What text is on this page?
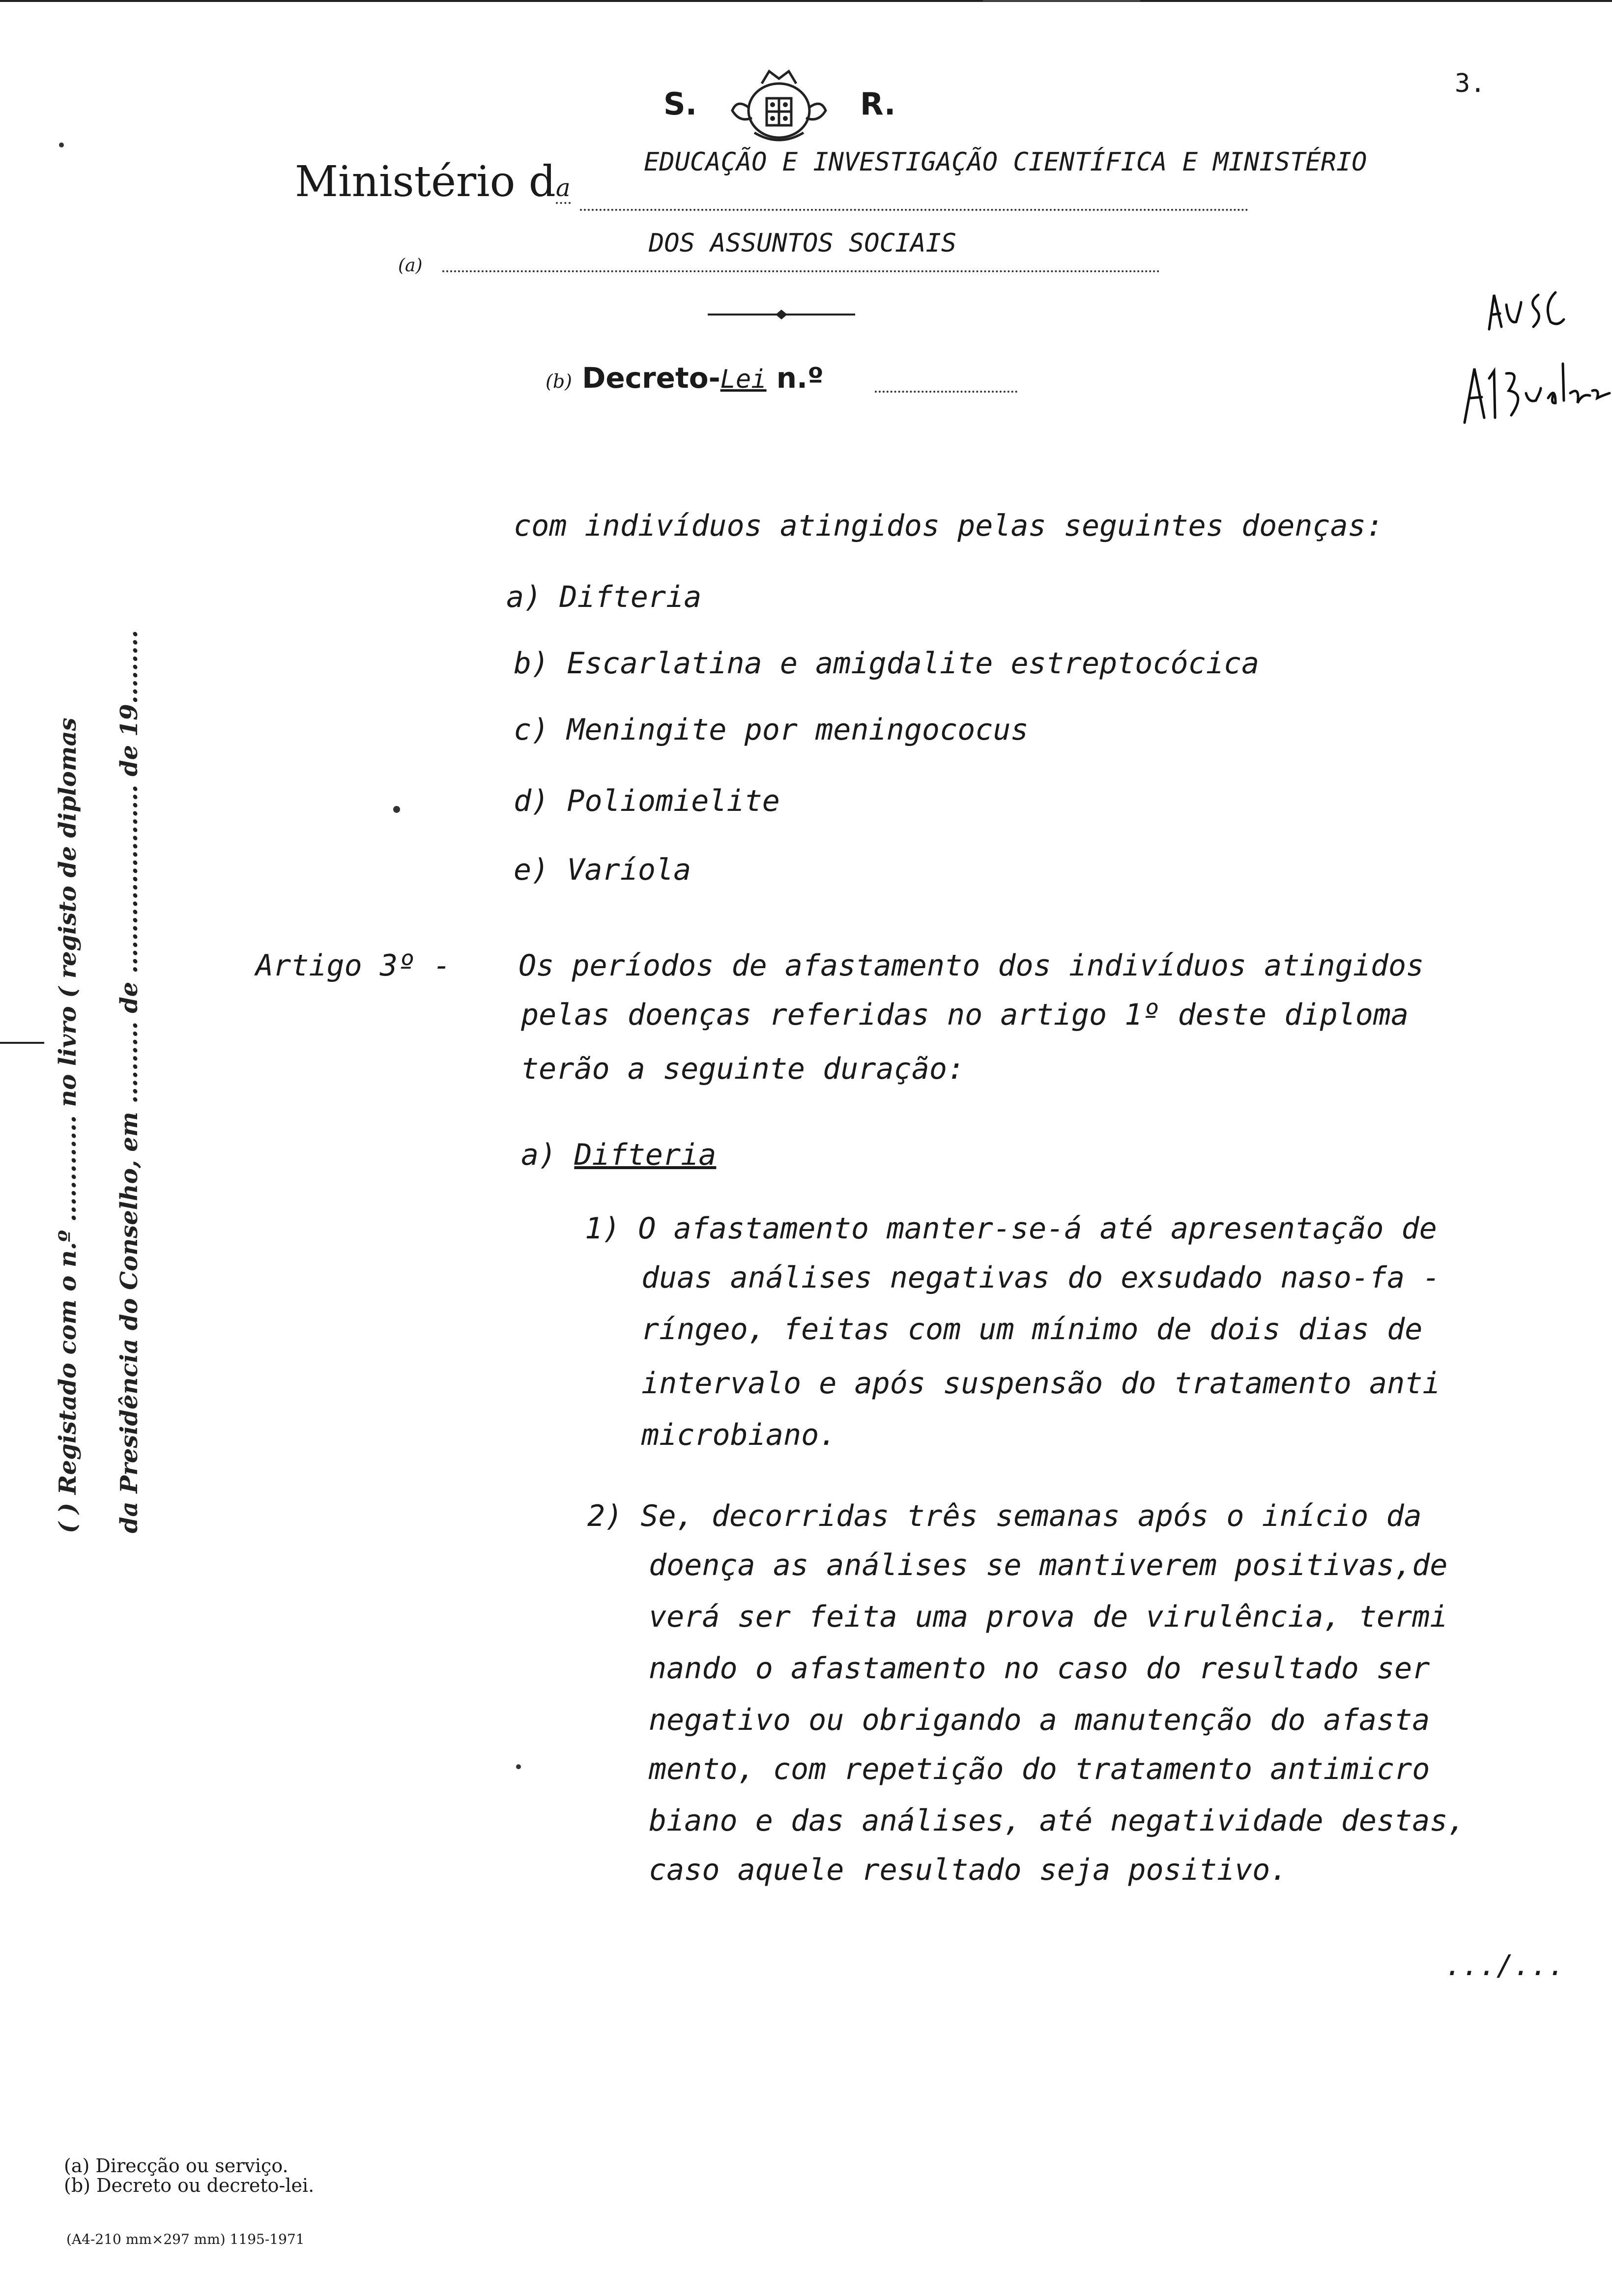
S.	R.
3.
Ministério da
EDUCAÇÃO E INVESTIGAÇÃO CIENTÍFICA E MINISTÉRIO
DOS ASSUNTOS SOCIAIS
(a)
(b) Decreto-Lei n.º
( ) Registado com o n.º ............. no livro ( registo de diplomas da Presidência do Conselho, em .......... de ....................... de 19.........
com indivíduos atingidos pelas seguintes doenças:
a) Difteria
b) Escarlatina e amigdalite estreptocócica
c) Meningite por meningococus
d) Poliomielite
e) Varíola
Artigo 3º - Os períodos de afastamento dos indivíduos atingidos
pelas doenças referidas no artigo 1º deste diploma
terão a seguinte duração:
a) Difteria
1) O afastamento manter-se-á até apresentação de
duas análises negativas do exsudado naso-fa -
ríngeo, feitas com um mínimo de dois dias de
intervalo e após suspensão do tratamento anti
microbiano.
2) Se, decorridas três semanas após o início da
doença as análises se mantiverem positivas,de
verá ser feita uma prova de virulência, termi
nando o afastamento no caso do resultado ser
negativo ou obrigando a manutenção do afasta
mento, com repetição do tratamento antimicro
biano e das análises, até negatividade destas,
caso aquele resultado seja positivo.
.../...
(a) Direcção ou serviço.
(b) Decreto ou decreto-lei.
(A4-210 mm×297 mm) 1195-1971
